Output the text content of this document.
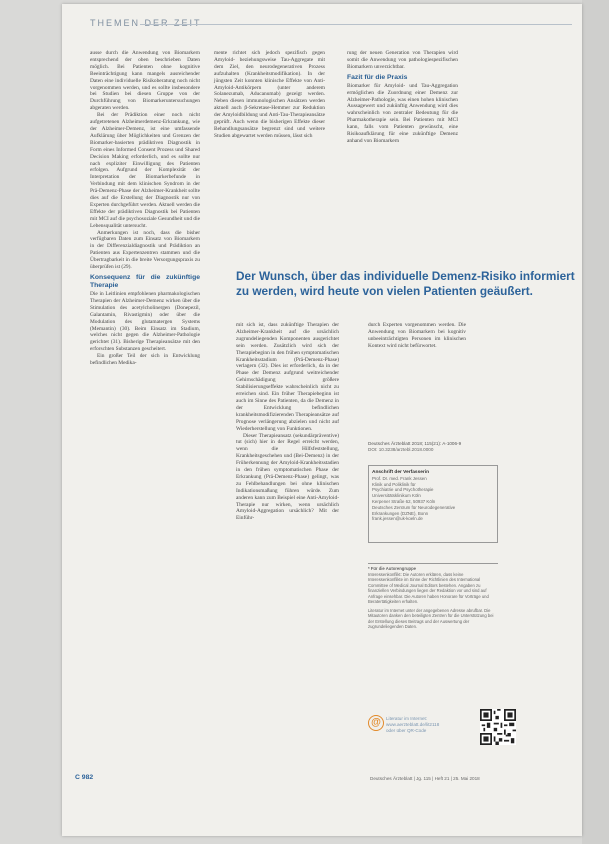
THEMEN DER ZEIT

ausse durch die Anwendung von Biomarkern entsprechend der oben beschrieben Daten möglich. Bei Patienten ohne kognitive Beeinträchtigung kann mangels ausreichender Daten eine individuelle Risikoberatung noch nicht vorgenommen werden, und es sollte insbesondere bei Studien bei diesen Gruppe von der Durchführung von Biomarkeruntersuchungen abgeraten werden.

Bei der Prädiktion einer noch nicht aufgetretenen Alzheimerdemenz-Erkrankung, wie der Alzheimer-Demenz, ist eine umfassende Aufklärung über Möglichkeiten und Grenzen der Biomarker-basierten prädiktiven Diagnostik in Form eines Informed Consent Prozess und Shared Decision Making erforderlich, und es sollte nur nach expliziter Einwilligung des Patienten erfolgen. Aufgrund der Komplexität der Interpretation der Biomarkerbefunde in Verbindung mit dem klinischen Syndrom in der Prä-Demenz-Phase der Alzheimer-Krankheit sollte dies auf die Erstellung der Diagnostik nur von Experten durchgeführt werden. Aktuell werden die Effekte der prädiktiven Diagnostik bei Patienten mit MCI auf die psychosoziale Gesundheit und die Lebensqualität untersucht.

Anmerkungen ist noch, dass die bisher verfügbaren Daten zum Einsatz von Biomarkern in der Differenzialdiagnostik und Prädiktion an Patienten aus Expertenzentren stammen und die Übertragbarkeit in die breite Versorgungspraxis zu überprüfen ist (29).

Konsequenz für die zukünftige Therapie

Die in Leitlinien empfohlenen pharmakologischen Therapien der Alzheimer-Demenz wirken über die Stimulation des acetylcholinergen (Donepezil, Galantamin, Rivastigmin) oder über die Modulation des glutamatergen Systems (Memantin) (30). Beim Einsatz im Stadium, welches nicht gegen die Alzheimer-Pathologie gerichtet (31). Bisherige Therapieansätze mit den erforschten Substanzen gescheitert.

Ein großer Teil der sich in Entwicklung befindlichen Medika-

mente richtet sich jedoch spezifisch gegen Amyloid- beziehungsweise Tau-Aggregate mit dem Ziel, den neurodegenerativen Prozess aufzuhalten (Krankheitsmodifikation). In der jüngsten Zeit konnten klinische Effekte von Anti-Amyloid-Antikörpern (unter anderem Solanezumab, Aducanumab) gezeigt werden. Neben diesen immunologischen Ansätzen werden aktuell auch β-Sekretase-Hemmer zur Reduktion der Amyloidbildung und Anti-Tau-Therapieansätze geprüft. Auch wenn die bisherigen Effekte dieser Behandlungsansätze begrenzt sind und weitere Studien abgewartet werden müssen, lässt sich

rung der neuen Generation von Therapien wird somit die Anwendung von pathologiespezifischen Biomarkern unverzichtbar.

Fazit für die Praxis

Biomarker für Amyloid- und Tau-Aggregation ermöglichen die Zuordnung einer Demenz zur Alzheimer-Pathologie, was einen hohen klinischen Aussagewert und zukünftig Anwendung wird dies wahrscheinlich von zentraler Bedeutung für die Pharmakotherapie sein. Bei Patienten mit MCI kann, falls vom Patienten gewünscht, eine Risikoaufklärung für eine zukünftige Demenz anhand von Biomarkern

Der Wunsch, über das individuelle Demenz-Risiko informiert zu werden, wird heute von vielen Patienten geäußert.

mit sich ist, dass zukünftige Therapien der Alzheimer-Krankheit auf die ursächlich zugrundeliegenden Komponenten ausgerichtet sein werden. Zusätzlich wird sich der Therapiebeginn in den frühen symptomatischen Krankheitsstadium (Prä-Demenz-Phase) verlagern (32). Dies ist erforderlich, da in der Phase der Demenz aufgrund weitreichender Gehirnschädigung größere Stabilisierungseffekte wahrscheinlich nicht zu erreichen sind. Ein früher Therapiebeginn ist auch im Sinne des Patienten, da die Demenz in der Entwicklung befindlichen krankheitsmodifizierenden Therapieansätze auf Prognose verlängerung abzielen und nicht auf Wiederherstellung von Funktionen.

Dieser Therapieansatz (sekundärpräventive) tut (sich) hier in der Regel erreicht werden, wenn die Hilfsfeststellung, Krankheitsgeschehen und (Bei-Demenz) in der Früherkennung der Amyloid-Krankheitsstadien in den frühen symptomatischen Phase der Erkrankung (Prä-Demenz-Phase) gelingt, was zu Fehlbehandlungen bei ohne klinischen Indikationsmaßung führen würde. Zum anderen kann zum Beispiel eine Anti-Amyloid-Therapie nur wirken, wenn ursächlich Amyloid-Aggregation ursächlich? Mit der Einführ-

durch Experten vorgenommen werden. Die Anwendung von Biomarkern bei kognitiv unbeeinträchtigten Personen im klinischen Kontext wird nicht befürwortet.

Deutsches Ärzteblatt 2018; 115(21): A-1006-9
DOI: 10.3238/arztebl.2018.0000
Anschrift der Verfasserin
Prof. Dr. med. Frank Jessen
Klinik und Poliklinik für
Psychiatrie und Psychotherapie
Universitätsklinikum Köln
Kerpener Straße 62, 50937 Köln
Deutsches Zentrum für Neurodegenerative
Erkrankungen (DZNE), Bonn
frank.jessen@uk-koeln.de
* Für die Autorengruppe
Interessenkonflikt: Die Autoren erklären, dass keine Interessenkonflikte im Sinne der Richtlinien des International Committee of Medical Journal Editors bestehen. Angaben zu finanziellen Verbindungen liegen der Redaktion vor und sind auf Anfrage einsehbar. Die Autoren haben Honorare für Vorträge und Beratertätigkeiten erhalten.
Literatur im Internet unter der angegebenen Adresse abrufbar. Die Mitautoren danken den beteiligten Zentren für die Unterstützung bei der Erstellung dieses Beitrags und der Auswertung der zugrundeliegenden Daten.
@	Literatur im Internet:
www.aerzteblatt.de/lit2118
oder über QR-Code
C 982	Deutsches Ärzteblatt | Jg. 115 | Heft 21 | 25. Mai 2018
